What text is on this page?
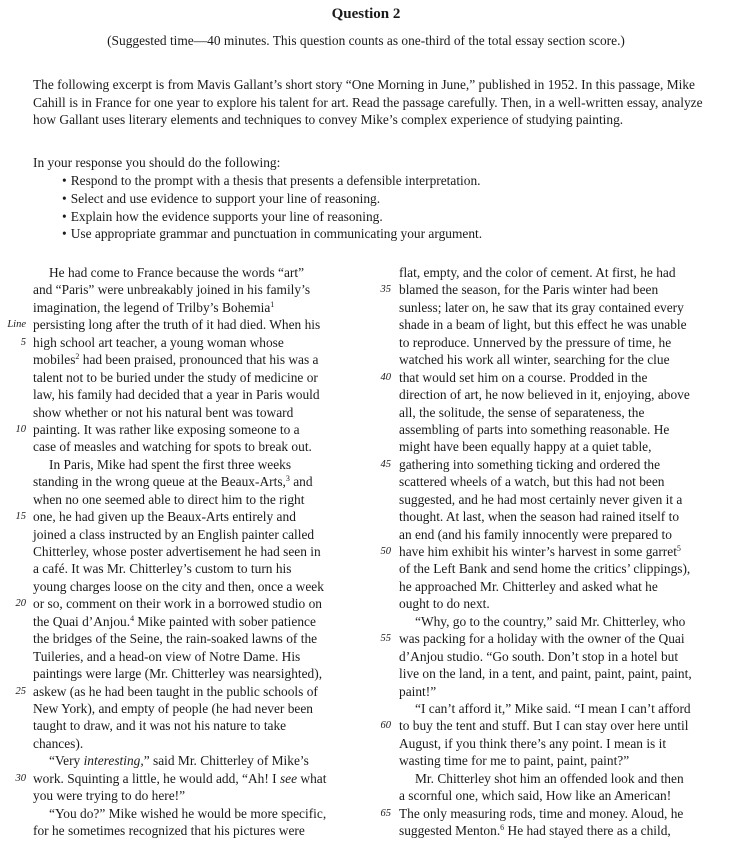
Question 2
(Suggested time—40 minutes. This question counts as one-third of the total essay section score.)

The following excerpt is from Mavis Gallant’s short story “One Morning in June,” published in 1952. In this passage, Mike Cahill is in France for one year to explore his talent for art. Read the passage carefully. Then, in a well-written essay, analyze how Gallant uses literary elements and techniques to convey Mike’s complex experience of studying painting.

In your response you should do the following:

• Respond to the prompt with a thesis that presents a defensible interpretation.
• Select and use evidence to support your line of reasoning.
• Explain how the evidence supports your line of reasoning.
• Use appropriate grammar and punctuation in communicating your argument.
He had come to France because the words “art”
and “Paris” were unbreakably joined in his family’s
imagination, the legend of Trilby’s Bohemia$^1$
Line persisting long after the truth of it had died. When his
5 high school art teacher, a young woman whose
mobiles$^2$ had been praised, pronounced that his was a
talent not to be buried under the study of medicine or
law, his family had decided that a year in Paris would
show whether or not his natural bent was toward
10 painting. It was rather like exposing someone to a
case of measles and watching for spots to break out.
In Paris, Mike had spent the first three weeks
standing in the wrong queue at the Beaux-Arts,$^3$ and
when no one seemed able to direct him to the right
15 one, he had given up the Beaux-Arts entirely and
joined a class instructed by an English painter called
Chitterley, whose poster advertisement he had seen in
a café. It was Mr. Chitterley’s custom to turn his
young charges loose on the city and then, once a week
20 or so, comment on their work in a borrowed studio on
the Quai d’Anjou.$^4$ Mike painted with sober patience
the bridges of the Seine, the rain-soaked lawns of the
Tuileries, and a head-on view of Notre Dame. His
paintings were large (Mr. Chitterley was nearsighted),
25 askew (as he had been taught in the public schools of
New York), and empty of people (he had never been
taught to draw, and it was not his nature to take
chances).
“Very interesting,” said Mr. Chitterley of Mike’s
30 work. Squinting a little, he would add, “Ah! I see what
you were trying to do here!”
“You do?” Mike wished he would be more specific,
for he sometimes recognized that his pictures were
flat, empty, and the color of cement. At first, he had
35 blamed the season, for the Paris winter had been
sunless; later on, he saw that its gray contained every
shade in a beam of light, but this effect he was unable
to reproduce. Unnerved by the pressure of time, he
watched his work all winter, searching for the clue
40 that would set him on a course. Prodded in the
direction of art, he now believed in it, enjoying, above
all, the solitude, the sense of separateness, the
assembling of parts into something reasonable. He
might have been equally happy at a quiet table,
45 gathering into something ticking and ordered the
scattered wheels of a watch, but this had not been
suggested, and he had most certainly never given it a
thought. At last, when the season had rained itself to
an end (and his family innocently were prepared to
50 have him exhibit his winter’s harvest in some garret$^5$
of the Left Bank and send home the critics’ clippings),
he approached Mr. Chitterley and asked what he
ought to do next.
“Why, go to the country,” said Mr. Chitterley, who
55 was packing for a holiday with the owner of the Quai
d’Anjou studio. “Go south. Don’t stop in a hotel but
live on the land, in a tent, and paint, paint, paint, paint,
paint!”
“I can’t afford it,” Mike said. “I mean I can’t afford
60 to buy the tent and stuff. But I can stay over here until
August, if you think there’s any point. I mean is it
wasting time for me to paint, paint, paint?”
Mr. Chitterley shot him an offended look and then
a scornful one, which said, How like an American!
65 The only measuring rods, time and money. Aloud, he
suggested Menton.$^6$ He had stayed there as a child,
